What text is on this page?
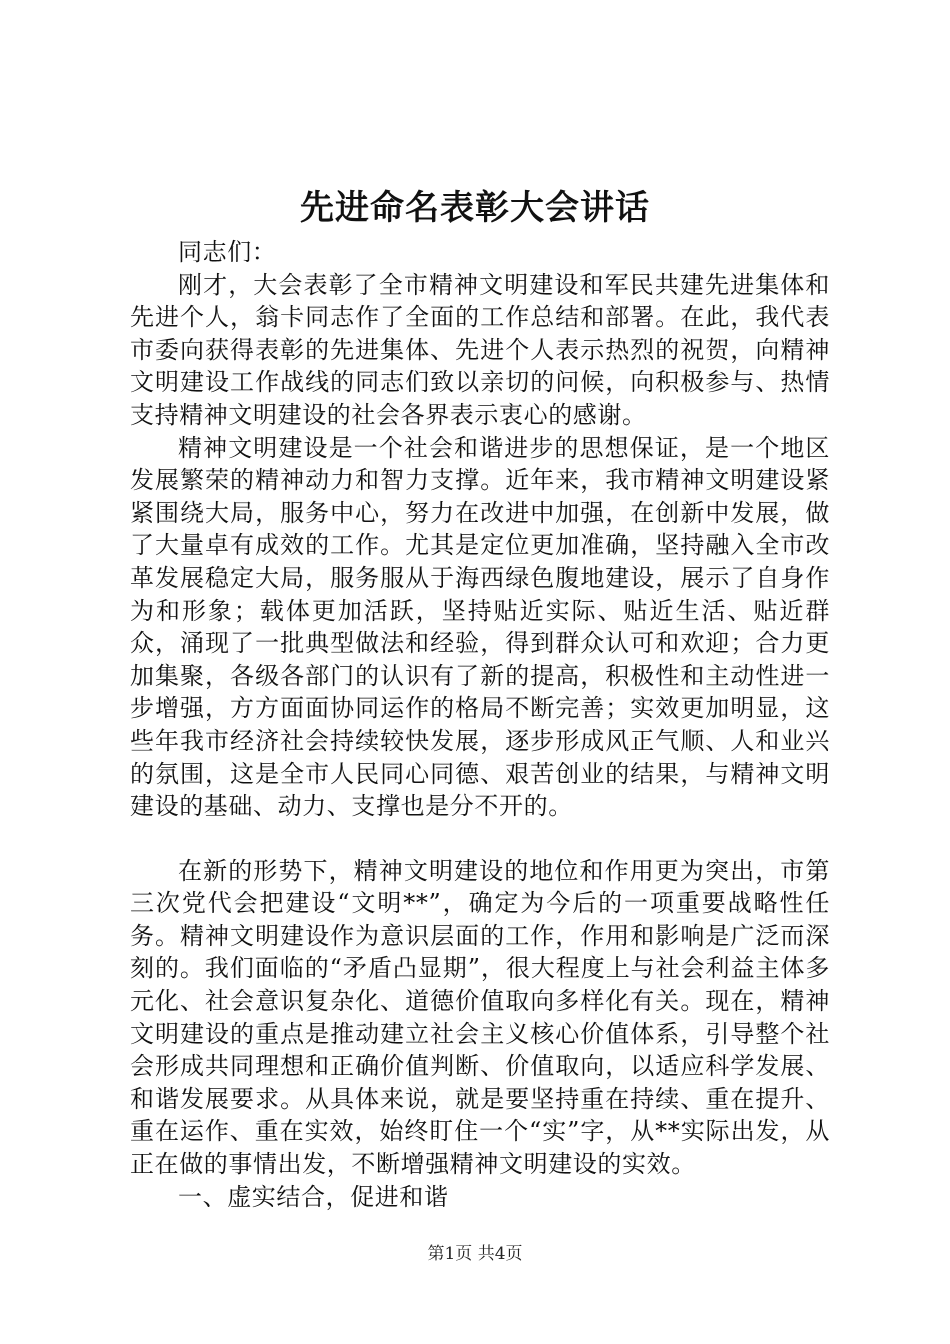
先进命名表彰大会讲话

同志们：

刚才，大会表彰了全市精神文明建设和军民共建先进集体和先进个人，翁卡同志作了全面的工作总结和部署。在此，我代表市委向获得表彰的先进集体、先进个人表示热烈的祝贺，向精神文明建设工作战线的同志们致以亲切的问候，向积极参与、热情支持精神文明建设的社会各界表示衷心的感谢。

精神文明建设是一个社会和谐进步的思想保证，是一个地区发展繁荣的精神动力和智力支撑。近年来，我市精神文明建设紧紧围绕大局，服务中心，努力在改进中加强，在创新中发展，做了大量卓有成效的工作。尤其是定位更加准确，坚持融入全市改革发展稳定大局，服务服从于海西绿色腹地建设，展示了自身作为和形象；载体更加活跃，坚持贴近实际、贴近生活、贴近群众，涌现了一批典型做法和经验，得到群众认可和欢迎；合力更加集聚，各级各部门的认识有了新的提高，积极性和主动性进一步增强，方方面面协同运作的格局不断完善；实效更加明显，这些年我市经济社会持续较快发展，逐步形成风正气顺、人和业兴的氛围，这是全市人民同心同德、艰苦创业的结果，与精神文明建设的基础、动力、支撑也是分不开的。

在新的形势下，精神文明建设的地位和作用更为突出，市第三次党代会把建设“文明**”，确定为今后的一项重要战略性任务。精神文明建设作为意识层面的工作，作用和影响是广泛而深刻的。我们面临的“矛盾凸显期”，很大程度上与社会利益主体多元化、社会意识复杂化、道德价值取向多样化有关。现在，精神文明建设的重点是推动建立社会主义核心价值体系，引导整个社会形成共同理想和正确价值判断、价值取向，以适应科学发展、和谐发展要求。从具体来说，就是要坚持重在持续、重在提升、重在运作、重在实效，始终盯住一个“实”字，从**实际出发，从正在做的事情出发，不断增强精神文明建设的实效。

一、虚实结合，促进和谐

第1页 共4页
